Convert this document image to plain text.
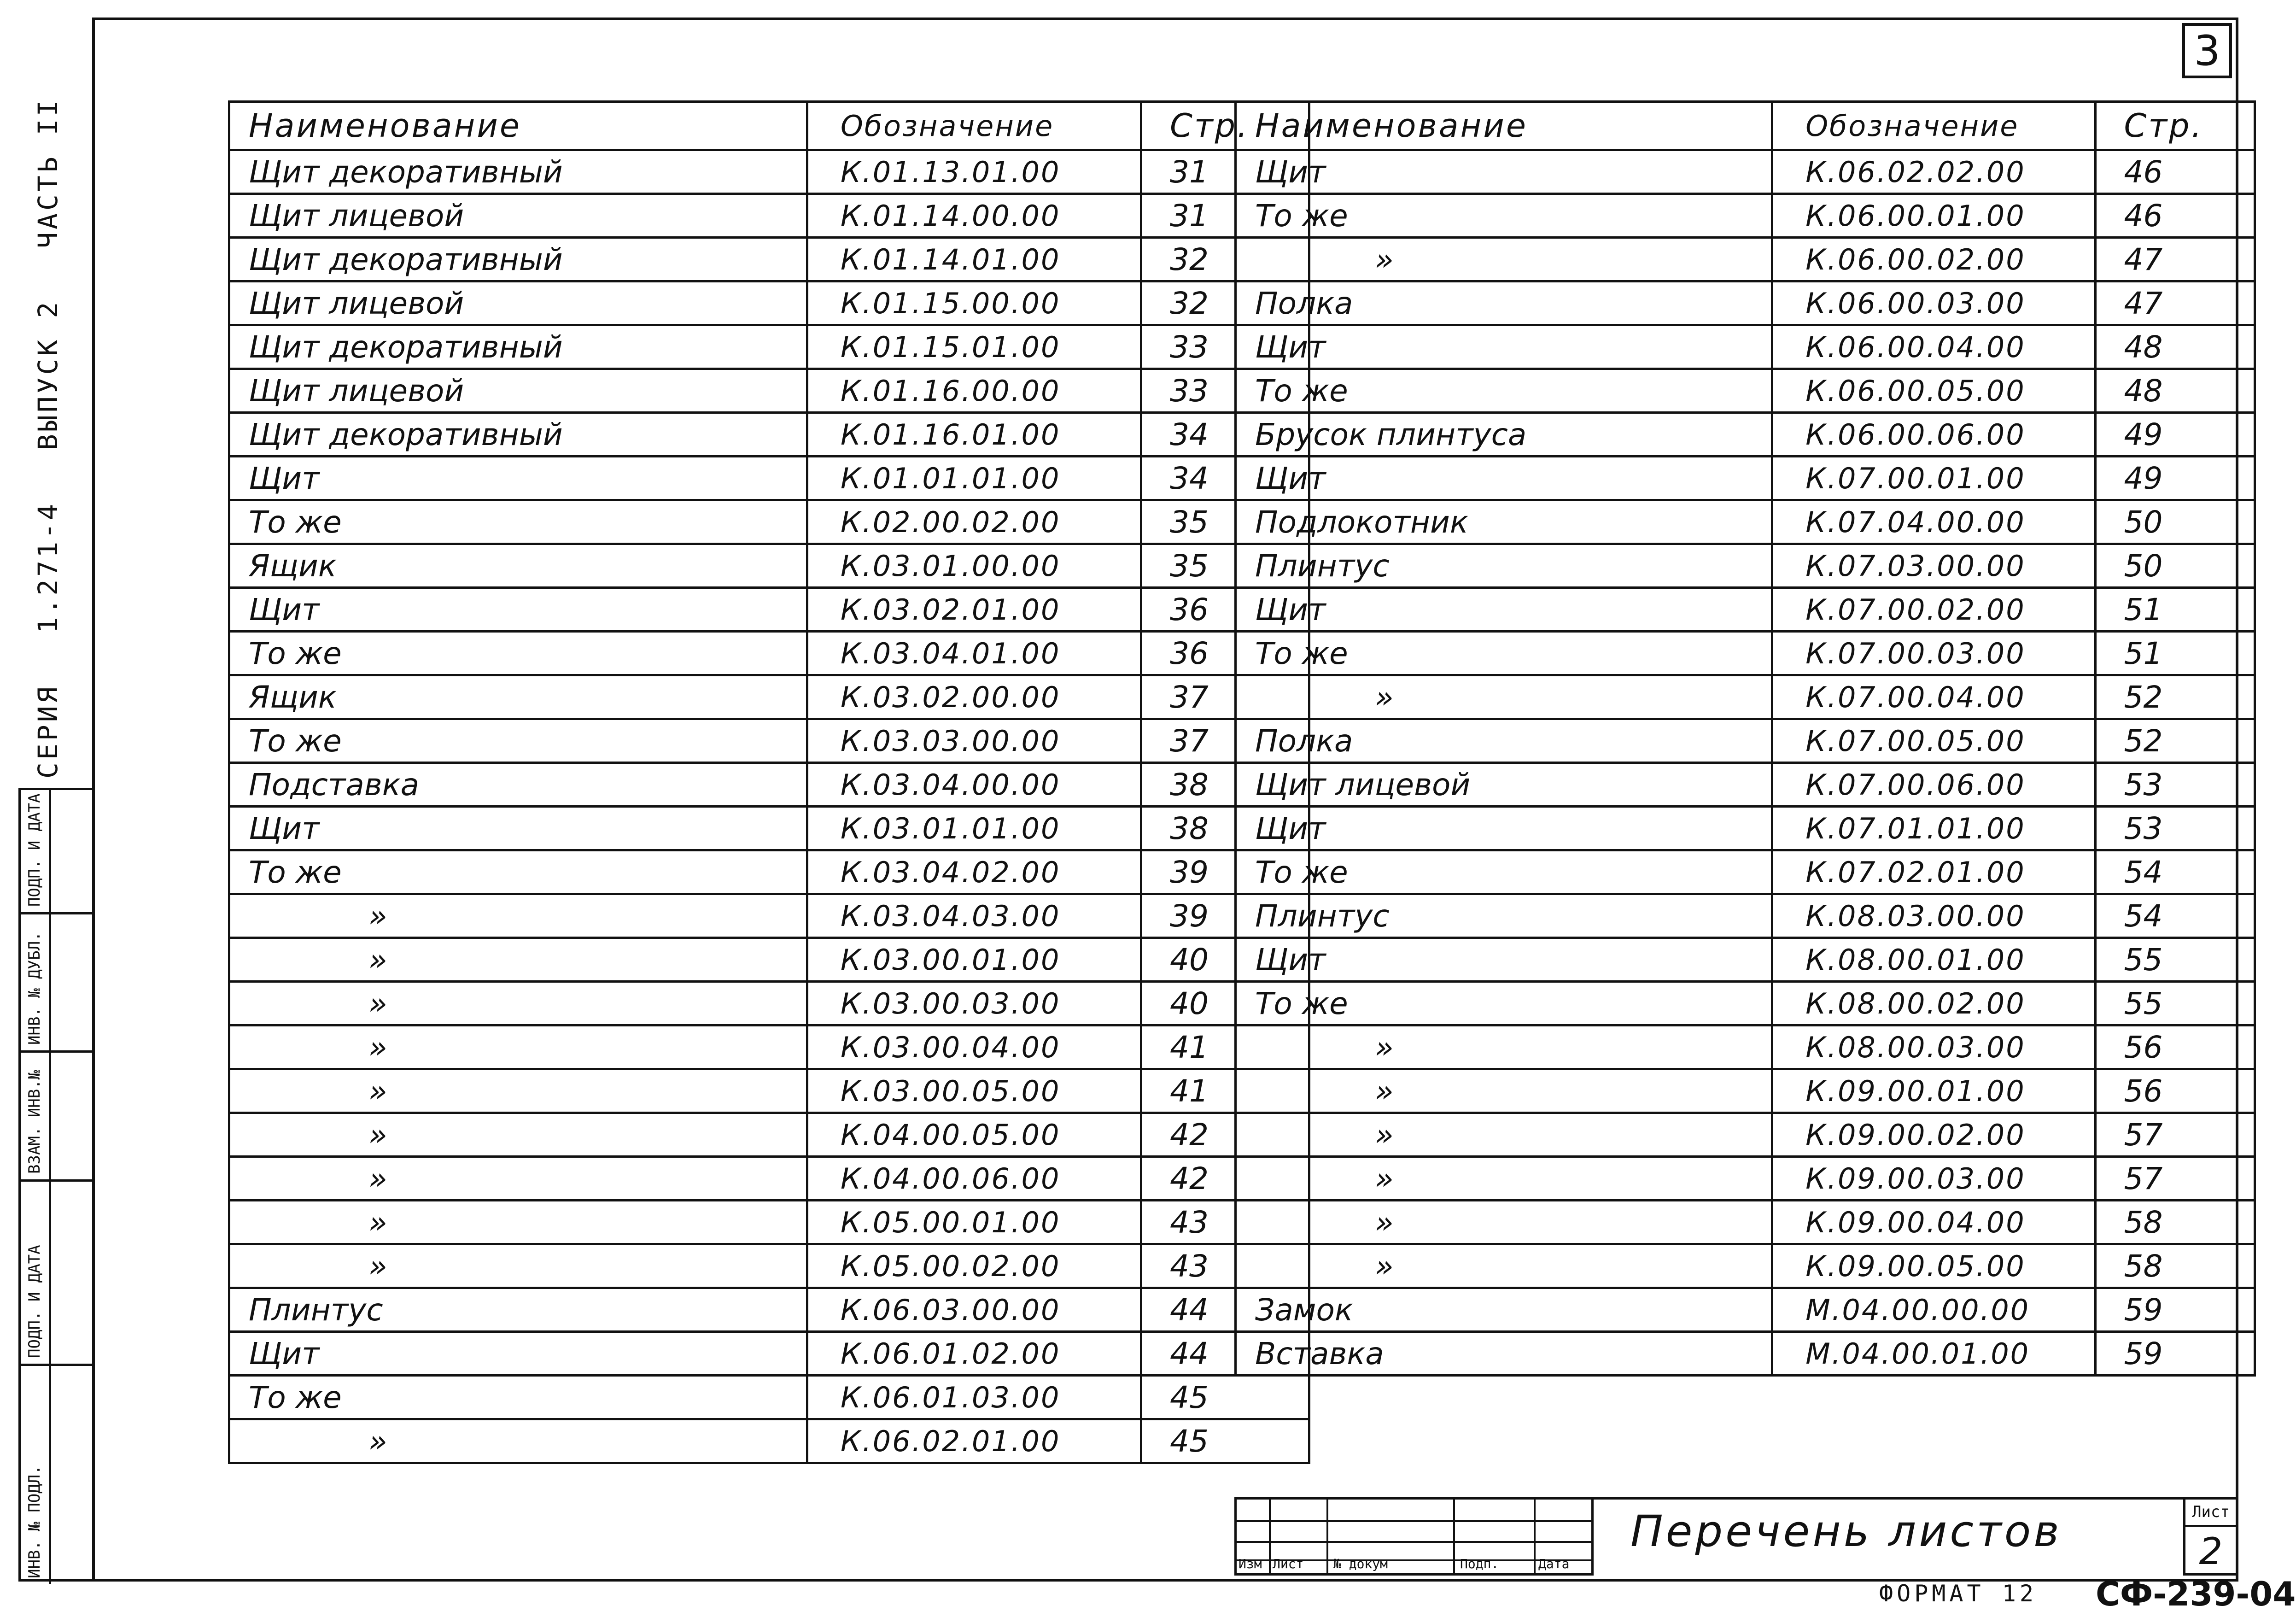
3
СЕРИЯ 1.271-4 ВЫПУСК 2 ЧАСТЬ II
ПОДП. И ДАТА
ИНВ. № ДУБЛ.
ВЗАМ. ИНВ.№
ПОДП. И ДАТА
ИНВ. № ПОДЛ.
Наименование	Обозначение	Стр.
Щит декоративный	К.01.13.01.00	31
Щит лицевой	К.01.14.00.00	31
Щит декоративный	К.01.14.01.00	32
Щит лицевой	К.01.15.00.00	32
Щит декоративный	К.01.15.01.00	33
Щит лицевой	К.01.16.00.00	33
Щит декоративный	К.01.16.01.00	34
Щит	К.01.01.01.00	34
То же	К.02.00.02.00	35
Ящик	К.03.01.00.00	35
Щит	К.03.02.01.00	36
То же	К.03.04.01.00	36
Ящик	К.03.02.00.00	37
То же	К.03.03.00.00	37
Подставка	К.03.04.00.00	38
Щит	К.03.01.01.00	38
То же	К.03.04.02.00	39
»	К.03.04.03.00	39
»	К.03.00.01.00	40
»	К.03.00.03.00	40
»	К.03.00.04.00	41
»	К.03.00.05.00	41
»	К.04.00.05.00	42
»	К.04.00.06.00	42
»	К.05.00.01.00	43
»	К.05.00.02.00	43
Плинтус	К.06.03.00.00	44
Щит	К.06.01.02.00	44
То же	К.06.01.03.00	45
»	К.06.02.01.00	45
Наименование	Обозначение	Стр.
Щит	К.06.02.02.00	46
То же	К.06.00.01.00	46
»	К.06.00.02.00	47
Полка	К.06.00.03.00	47
Щит	К.06.00.04.00	48
То же	К.06.00.05.00	48
Брусок плинтуса	К.06.00.06.00	49
Щит	К.07.00.01.00	49
Подлокотник	К.07.04.00.00	50
Плинтус	К.07.03.00.00	50
Щит	К.07.00.02.00	51
То же	К.07.00.03.00	51
»	К.07.00.04.00	52
Полка	К.07.00.05.00	52
Щит лицевой	К.07.00.06.00	53
Щит	К.07.01.01.00	53
То же	К.07.02.01.00	54
Плинтус	К.08.03.00.00	54
Щит	К.08.00.01.00	55
То же	К.08.00.02.00	55
»	К.08.00.03.00	56
»	К.09.00.01.00	56
»	К.09.00.02.00	57
»	К.09.00.03.00	57
»	К.09.00.04.00	58
»	К.09.00.05.00	58
Замок	М.04.00.00.00	59
Вставка	М.04.00.01.00	59
Изм Лист № докум	Подп.	Дата
Перечень листов	Лист
2
ФОРМАТ 12 СФ-239-04
